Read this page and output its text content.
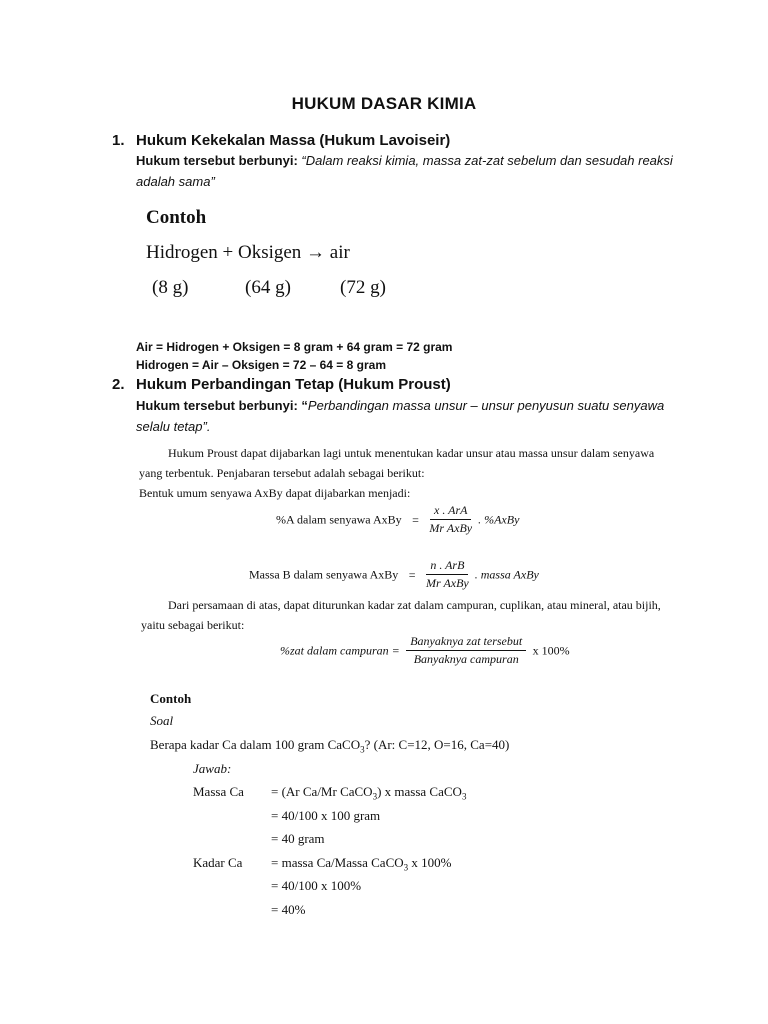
HUKUM DASAR KIMIA
1. Hukum Kekekalan Massa (Hukum Lavoiseir)
Hukum tersebut berbunyi: “Dalam reaksi kimia, massa zat-zat sebelum dan sesudah reaksi adalah sama”
Contoh
Hidrogen + Oksigen → air
(8 g)	(64 g)	(72 g)
Air = Hidrogen + Oksigen = 8 gram + 64 gram = 72 gram
Hidrogen = Air – Oksigen = 72 – 64 = 8 gram
2. Hukum Perbandingan Tetap (Hukum Proust)
Hukum tersebut berbunyi: “Perbandingan massa unsur – unsur penyusun suatu senyawa selalu tetap”.
Hukum Proust dapat dijabarkan lagi untuk menentukan kadar unsur atau massa unsur dalam senyawa
yang terbentuk. Penjabaran tersebut adalah sebagai berikut:
Bentuk umum senyawa AxBy dapat dijabarkan menjadi:
%A dalam senyawa AxBy = $\frac{\text{x . ArA}}{\text{Mr AxBy}}$ . %AxBy
Massa B dalam senyawa AxBy = $\frac{\text{n . ArB}}{\text{Mr AxBy}}$ . massa AxBy
Dari persamaan di atas, dapat diturunkan kadar zat dalam campuran, cuplikan, atau mineral, atau bijih,
yaitu sebagai berikut:
%zat dalam campuran = $\frac{\text{Banyaknya zat tersebut}}{\text{Banyaknya campuran}}$ x 100%
Contoh
Soal
Berapa kadar Ca dalam 100 gram CaCO$_3$? (Ar: C=12, O=16, Ca=40)
Jawab:
Massa Ca = (Ar Ca/Mr CaCO$_3$) x massa CaCO$_3$
= 40/100 x 100 gram
= 40 gram
Kadar Ca = massa Ca/Massa CaCO$_3$ x 100%
= 40/100 x 100%
= 40%
